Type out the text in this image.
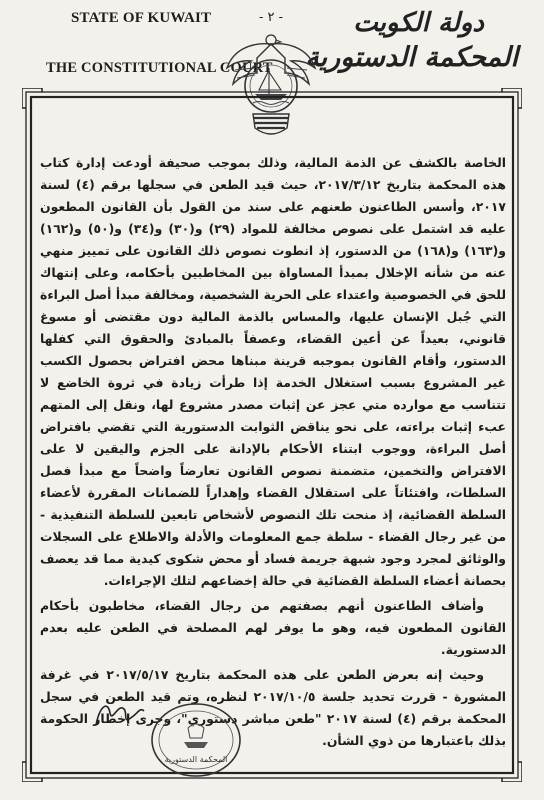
STATE OF KUWAIT
THE CONSTITUTIONAL COURT
- ٢ -	دولة الكويت
المحكمة الدستورية

الخاصة بالكشف عن الذمة المالية، وذلك بموجب صحيفة أودعت إدارة كتاب هذه المحكمة بتاريخ ٢٠١٧/٣/١٢، حيث قيد الطعن في سجلها برقم (٤) لسنة ٢٠١٧، وأسس الطاعنون طعنهم على سند من القول بأن القانون المطعون عليه قد اشتمل على نصوص مخالفة للمواد (٢٩) و(٣٠) و(٣٤) و(٥٠) و(١٦٢) و(١٦٣) و(١٦٨) من الدستور، إذ انطوت نصوص ذلك القانون على تمييز منهي عنه من شأنه الإخلال بمبدأ المساواة بين المخاطبين بأحكامه، وعلى إنتهاك للحق في الخصوصية واعتداء على الحرية الشخصية، ومخالفة مبدأ أصل البراءة التي جُبل الإنسان عليها، والمساس بالذمة المالية دون مقتضى أو مسوغ قانوني، بعيداً عن أعين القضاء، وعصفاً بالمبادئ والحقوق التي كفلها الدستور، وأقام القانون بموجبه قرينة مبناها محض افتراض بحصول الكسب غير المشروع بسبب استغلال الخدمة إذا طرأت زيادة في ثروة الخاضع لا تتناسب مع موارده متي عجز عن إثبات مصدر مشروع لها، ونقل إلى المتهم عبء إثبات براءته، على نحو يناقض الثوابت الدستورية التي تقضي بافتراض أصل البراءة، ووجوب ابتناء الأحكام بالإدانة على الجزم واليقين لا على الافتراض والتخمين، متضمنة نصوص القانون تعارضاً واضحاً مع مبدأ فصل السلطات، وافتئاتاً على استقلال القضاء وإهداراً للضمانات المقررة لأعضاء السلطة القضائية، إذ منحت تلك النصوص لأشخاص تابعين للسلطة التنفيذية - من غير رجال القضاء - سلطة جمع المعلومات والأدلة والاطلاع على السجلات والوثائق لمجرد وجود شبهة جريمة فساد أو محض شكوى كيدية مما قد يعصف بحصانة أعضاء السلطة القضائية في حالة إخضاعهم لتلك الإجراءات.

وأضاف الطاعنون أنهم بصفتهم من رجال القضاء، مخاطبون بأحكام القانون المطعون فيه، وهو ما يوفر لهم المصلحة في الطعن عليه بعدم الدستورية.

وحيث إنه بعرض الطعن على هذه المحكمة بتاريخ ٢٠١٧/٥/١٧ في غرفة المشورة - قررت تحديد جلسة ٢٠١٧/١٠/٥ لنظره، وتم قيد الطعن في سجل المحكمة برقم (٤) لسنة ٢٠١٧ "طعن مباشر دستوري"، وجرى إخطار الحكومة بذلك باعتبارها من ذوي الشأن.

المحكمة الدستورية
